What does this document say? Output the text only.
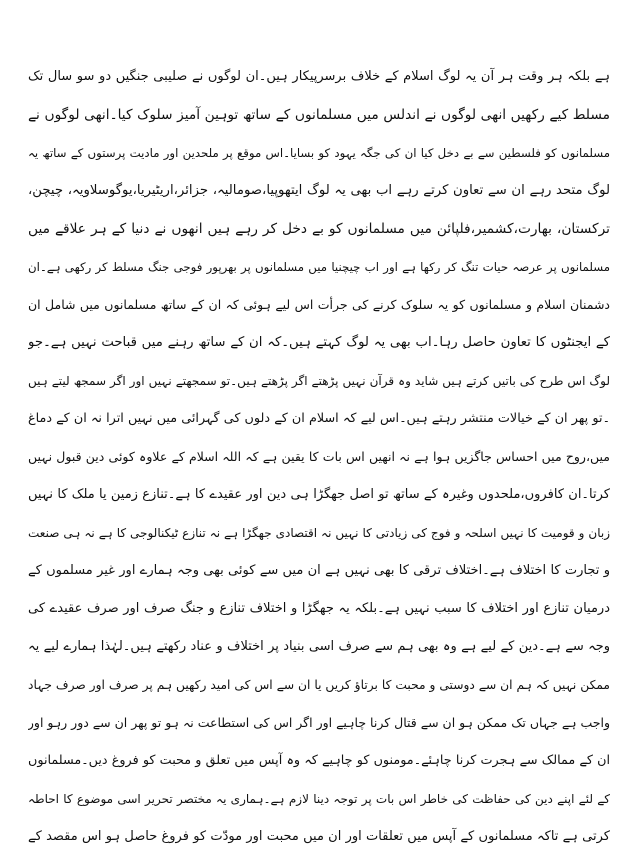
ہے بلکہ ہر وقت ہر آن یہ لوگ اسلام کے خلاف برسرپیکار ہیں۔ان لوگوں نے صلیبی جنگیں دو سو سال تک
مسلط کیے رکھیں انھی لوگوں نے اندلس میں مسلمانوں کے ساتھ توہین آمیز سلوک کیا۔انھی لوگوں نے
مسلمانوں کو فلسطین سے بے دخل کیا ان کی جگہ یہود کو بسایا۔اس موقع پر ملحدین اور مادیت پرستوں کے ساتھ یہ
لوگ متحد رہے ان سے تعاون کرتے رہے اب بھی یہ لوگ ایتھوپیا،صومالیہ، جزائر،اریٹیریا،یوگوسلاویہ، چیچن،
ترکستان، بھارت،کشمیر،فلپائن میں مسلمانوں کو بے دخل کر رہے ہیں انھوں نے دنیا کے ہر علاقے میں
مسلمانوں پر عرصہ حیات تنگ کر رکھا ہے اور اب چیچنیا میں مسلمانوں پر بھرپور فوجی جنگ مسلط کر رکھی ہے۔ان
دشمنان اسلام و مسلمانوں کو یہ سلوک کرنے کی جرأت اس لیے ہوئی کہ ان کے ساتھ مسلمانوں میں شامل ان
کے ایجنٹوں کا تعاون حاصل رہا۔اب بھی یہ لوگ کہتے ہیں۔کہ ان کے ساتھ رہنے میں قباحت نہیں ہے۔جو
لوگ اس طرح کی باتیں کرتے ہیں شاید وہ قرآن نہیں پڑھتے اگر پڑھتے ہیں۔تو سمجھتے نہیں اور اگر سمجھ لیتے ہیں
۔تو پھر ان کے خیالات منتشر رہتے ہیں۔اس لیے کہ اسلام ان کے دلوں کی گہرائی میں نہیں اترا نہ ان کے دماغ
میں،روح میں احساس جاگزیں ہوا ہے نہ انھیں اس بات کا یقین ہے کہ اللہ اسلام کے علاوہ کوئی دین قبول نہیں
کرتا۔ان کافروں،ملحدوں وغیرہ کے ساتھ تو اصل جھگڑا ہی دین اور عقیدے کا ہے۔تنازع زمین یا ملک کا نہیں
زبان و قومیت کا نہیں اسلحہ و فوج کی زیادتی کا نہیں نہ اقتصادی جھگڑا ہے نہ تنازع ٹیکنالوجی کا ہے نہ ہی صنعت
و تجارت کا اختلاف ہے۔اختلاف ترقی کا بھی نہیں ہے ان میں سے کوئی بھی وجہ ہمارے اور غیر مسلموں کے
درمیان تنازع اور اختلاف کا سبب نہیں ہے۔بلکہ یہ جھگڑا و اختلاف تنازع و جنگ صرف اور صرف عقیدے کی
وجہ سے ہے۔دین کے لیے ہے وہ بھی ہم سے صرف اسی بنیاد پر اختلاف و عناد رکھتے ہیں۔لہٰذا ہمارے لیے یہ
ممکن نہیں کہ ہم ان سے دوستی و محبت کا برتاؤ کریں یا ان سے اس کی امید رکھیں ہم پر صرف اور صرف جہاد
واجب ہے جہاں تک ممکن ہو ان سے قتال کرنا چاہیے اور اگر اس کی استطاعت نہ ہو تو پھر ان سے دور رہو اور
ان کے ممالک سے ہجرت کرنا چاہئے۔مومنوں کو چاہیے کہ وہ آپس میں تعلق و محبت کو فروغ دیں۔مسلمانوں
کے لئے اپنے دین کی حفاظت کی خاطر اس بات پر توجہ دینا لازم ہے۔ہماری یہ مختصر تحریر اسی موضوع کا احاطہ
کرتی ہے تاکہ مسلمانوں کے آپس میں تعلقات اور ان میں محبت اور مودّت کو فروغ حاصل ہو اس مقصد کے
